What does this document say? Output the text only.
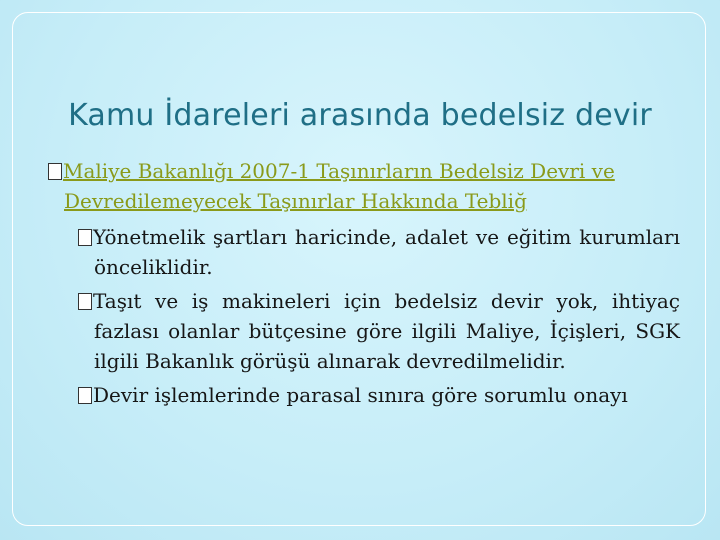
Kamu İdareleri arasında bedelsiz devir
Maliye Bakanlığı 2007-1 Taşınırların Bedelsiz Devri ve Devredilemeyecek Taşınırlar Hakkında Tebliğ
Yönetmelik şartları haricinde, adalet ve eğitim kurumları önceliklidir.
Taşıt ve iş makineleri için bedelsiz devir yok, ihtiyaç fazlası olanlar bütçesine göre ilgili Maliye, İçişleri, SGK ilgili Bakanlık görüşü alınarak devredilmelidir.
Devir işlemlerinde parasal sınıra göre sorumlu onayı
